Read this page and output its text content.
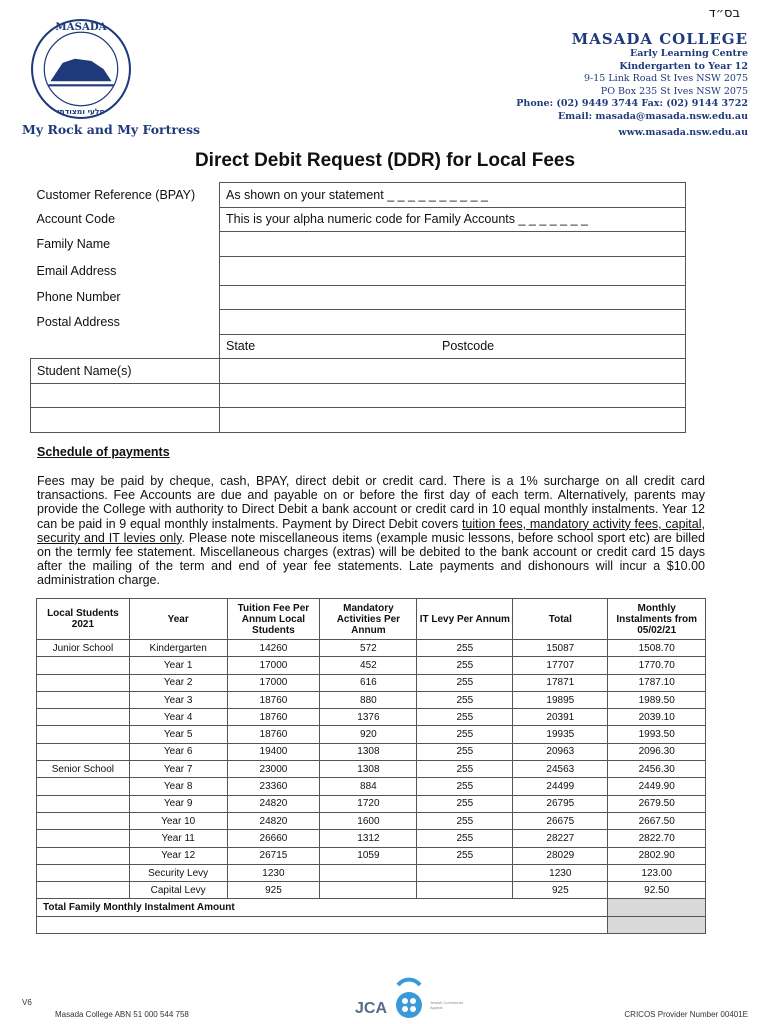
בס״ד
MASADA
סלעי ומצודתי
My Rock and My Fortress
MASADA COLLEGE
Early Learning Centre
Kindergarten to Year 12
9-15 Link Road St Ives NSW 2075
PO Box 235 St Ives NSW 2075
Phone: (02) 9449 3744 Fax: (02) 9144 3722
Email: masada@masada.nsw.edu.au
www.masada.nsw.edu.au
Direct Debit Request (DDR) for Local Fees
Customer Reference (BPAY)	As shown on your statement _ _ _ _ _ _ _ _ _ _	
Account Code	This is your alpha numeric code for Family Accounts _ _ _ _ _ _ _	
Family Name		
Email Address		
Phone Number		
Postal Address		
	State	Postcode
Student Name(s)		

Schedule of payments
Fees may be paid by cheque, cash, BPAY, direct debit or credit card. There is a 1% surcharge on all credit card transactions. Fee Accounts are due and payable on or before the first day of each term. Alternatively, parents may provide the College with authority to Direct Debit a bank account or credit card in 10 equal monthly instalments. Year 12 can be paid in 9 equal monthly instalments. Payment by Direct Debit covers tuition fees, mandatory activity fees, capital, security and IT levies only. Please note miscellaneous items (example music lessons, before school sport etc) are billed on the termly fee statement. Miscellaneous charges (extras) will be debited to the bank account or credit card 15 days after the mailing of the term and end of year fee statements. Late payments and dishonours will incur a $10.00 administration charge.
Local Students 2021	Year	Tuition Fee Per Annum Local Students	Mandatory Activities Per Annum	IT Levy Per Annum	Total	Monthly Instalments from 05/02/21
Junior School	Kindergarten	14260	572	255	15087	1508.70
	Year 1	17000	452	255	17707	1770.70
	Year 2	17000	616	255	17871	1787.10
	Year 3	18760	880	255	19895	1989.50
	Year 4	18760	1376	255	20391	2039.10
	Year 5	18760	920	255	19935	1993.50
	Year 6	19400	1308	255	20963	2096.30
Senior School	Year 7	23000	1308	255	24563	2456.30
	Year 8	23360	884	255	24499	2449.90
	Year 9	24820	1720	255	26795	2679.50
	Year 10	24820	1600	255	26675	2667.50
	Year 11	26660	1312	255	28227	2822.70
	Year 12	26715	1059	255	28029	2802.90
	Security Levy	1230			1230	123.00
	Capital Levy	925			925	92.50
Total Family Monthly Instalment Amount						

V6
Masada College ABN 51 000 544 758	CRICOS Provider Number 00401E
JCA	Jewish Communal Appeal
